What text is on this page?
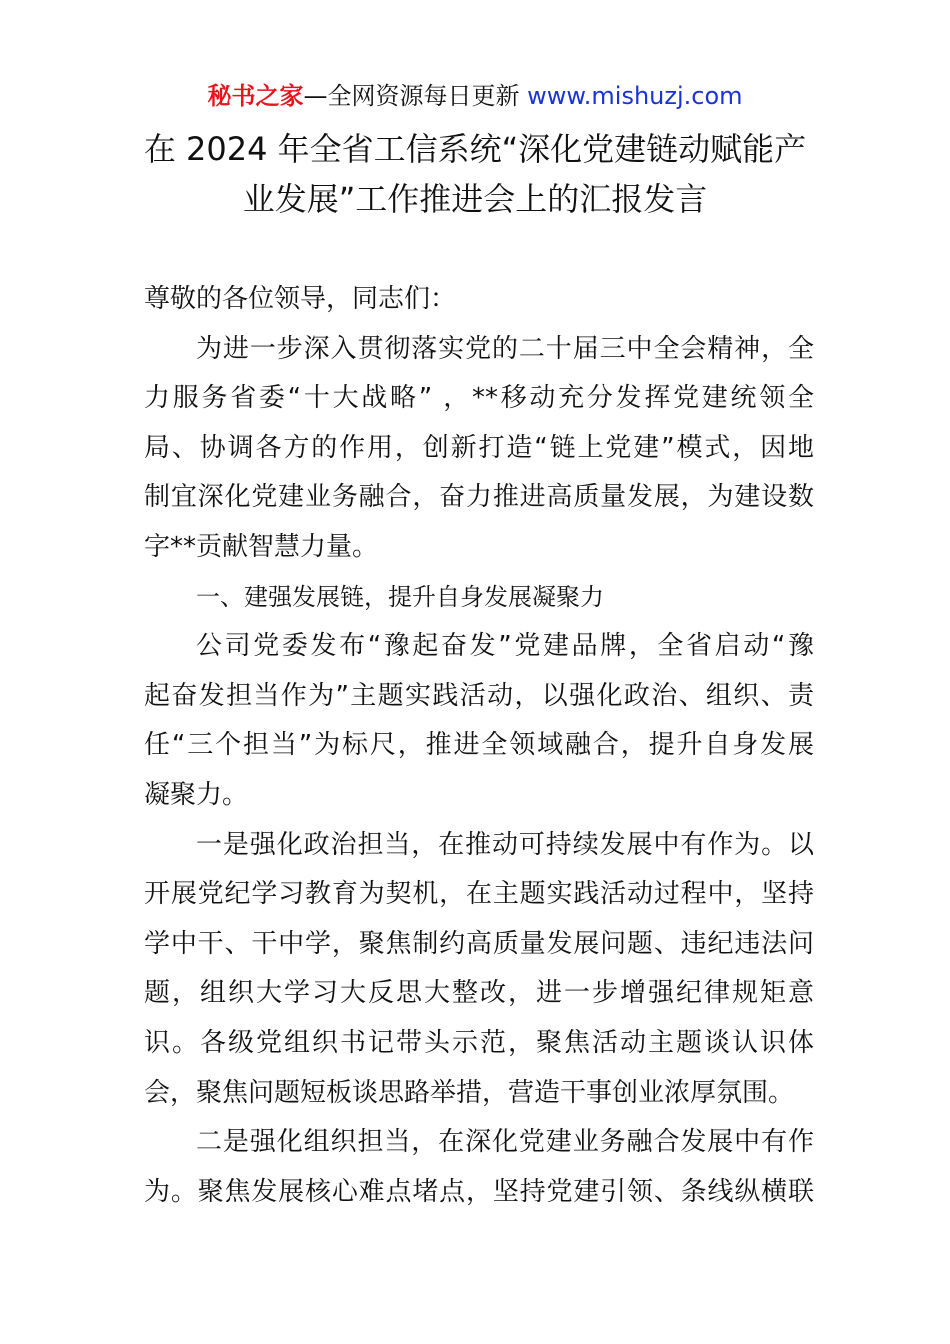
秘书之家—全网资源每日更新 www.mishuzj.com
在 2024 年全省工信系统“深化党建链动赋能产
业发展”工作推进会上的汇报发言

尊敬的各位领导，同志们：

为进一步深入贯彻落实党的二十届三中全会精神，全
力服务省委“十大战略” ，**移动充分发挥党建统领全
局、协调各方的作用，创新打造“链上党建”模式，因地
制宜深化党建业务融合，奋力推进高质量发展，为建设数
字**贡献智慧力量。

一、建强发展链，提升自身发展凝聚力

公司党委发布“豫起奋发”党建品牌，全省启动“豫
起奋发担当作为”主题实践活动，以强化政治、组织、责
任“三个担当”为标尺，推进全领域融合，提升自身发展
凝聚力。

一是强化政治担当，在推动可持续发展中有作为。以
开展党纪学习教育为契机，在主题实践活动过程中，坚持
学中干、干中学，聚焦制约高质量发展问题、违纪违法问
题，组织大学习大反思大整改，进一步增强纪律规矩意
识。各级党组织书记带头示范，聚焦活动主题谈认识体
会，聚焦问题短板谈思路举措，营造干事创业浓厚氛围。

二是强化组织担当，在深化党建业务融合发展中有作
为。聚焦发展核心难点堵点，坚持党建引领、条线纵横联
